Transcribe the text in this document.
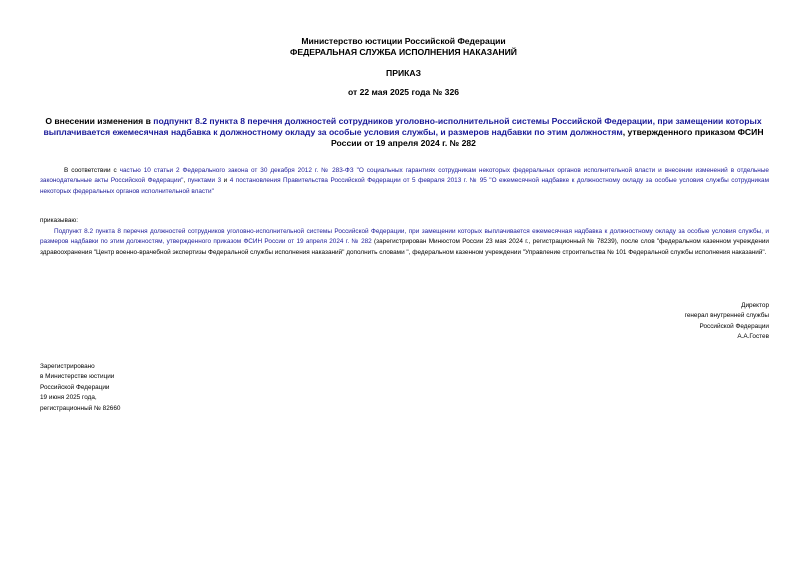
Министерство юстиции Российской Федерации
ФЕДЕРАЛЬНАЯ СЛУЖБА ИСПОЛНЕНИЯ НАКАЗАНИЙ
ПРИКАЗ
от 22 мая 2025 года № 326
О внесении изменения в подпункт 8.2 пункта 8 перечня должностей сотрудников уголовно-исполнительной системы Российской Федерации, при замещении которых выплачивается ежемесячная надбавка к должностному окладу за особые условия службы, и размеров надбавки по этим должностям, утвержденного приказом ФСИН России от 19 апреля 2024 г. № 282
В соответствии с частью 10 статьи 2 Федерального закона от 30 декабря 2012 г. № 283-ФЗ "О социальных гарантиях сотрудникам некоторых федеральных органов исполнительной власти и внесении изменений в отдельные законодательные акты Российской Федерации", пунктами 3 и 4 постановления Правительства Российской Федерации от 5 февраля 2013 г. № 95 "О ежемесячной надбавке к должностному окладу за особые условия службы сотрудникам некоторых федеральных органов исполнительной власти"
приказываю:
Подпункт 8.2 пункта 8 перечня должностей сотрудников уголовно-исполнительной системы Российской Федерации, при замещении которых выплачивается ежемесячная надбавка к должностному окладу за особые условия службы, и размеров надбавки по этим должностям, утвержденного приказом ФСИН России от 19 апреля 2024 г. № 282 (зарегистрирован Минюстом России 23 мая 2024 г., регистрационный № 78239), после слов "федеральном казенном учреждении здравоохранения "Центр военно-врачебной экспертизы Федеральной службы исполнения наказаний" дополнить словами ", федеральном казенном учреждении "Управление строительства № 101 Федеральной службы исполнения наказаний".
Директор
генерал внутренней службы
Российской Федерации
А.А.Гостев
Зарегистрировано
в Министерстве юстиции
Российской Федерации
19 июня 2025 года,
регистрационный № 82660
